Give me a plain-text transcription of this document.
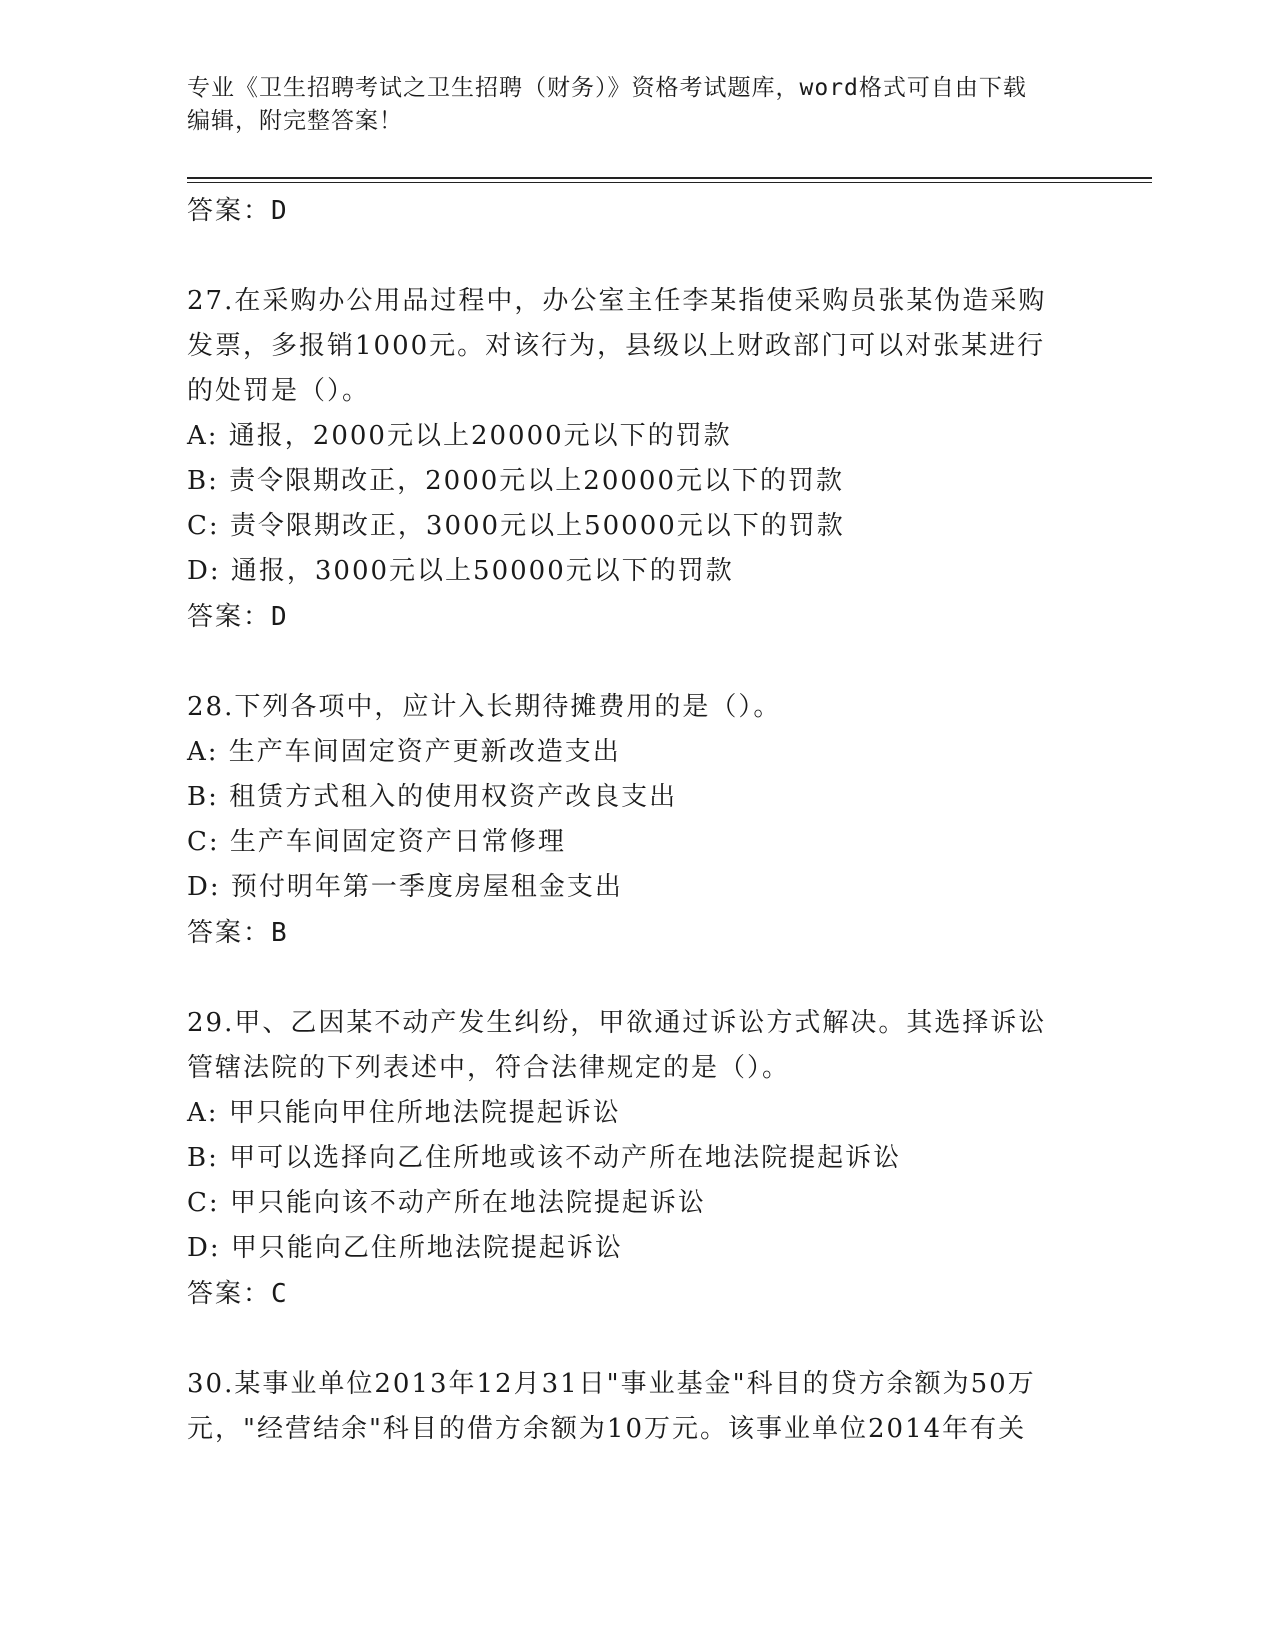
专业《卫生招聘考试之卫生招聘（财务）》资格考试题库，word格式可自由下载
编辑，附完整答案！
答案：D
27.在采购办公用品过程中，办公室主任李某指使采购员张某伪造采购
发票，多报销1000元。对该行为，县级以上财政部门可以对张某进行
的处罚是（）。
A: 通报，2000元以上20000元以下的罚款
B: 责令限期改正，2000元以上20000元以下的罚款
C: 责令限期改正，3000元以上50000元以下的罚款
D: 通报，3000元以上50000元以下的罚款
答案：D
28.下列各项中，应计入长期待摊费用的是（）。
A: 生产车间固定资产更新改造支出
B: 租赁方式租入的使用权资产改良支出
C: 生产车间固定资产日常修理
D: 预付明年第一季度房屋租金支出
答案：B
29.甲、乙因某不动产发生纠纷，甲欲通过诉讼方式解决。其选择诉讼
管辖法院的下列表述中，符合法律规定的是（）。
A: 甲只能向甲住所地法院提起诉讼
B: 甲可以选择向乙住所地或该不动产所在地法院提起诉讼
C: 甲只能向该不动产所在地法院提起诉讼
D: 甲只能向乙住所地法院提起诉讼
答案：C
30.某事业单位2013年12月31日"事业基金"科目的贷方余额为50万
元，"经营结余"科目的借方余额为10万元。该事业单位2014年有关
